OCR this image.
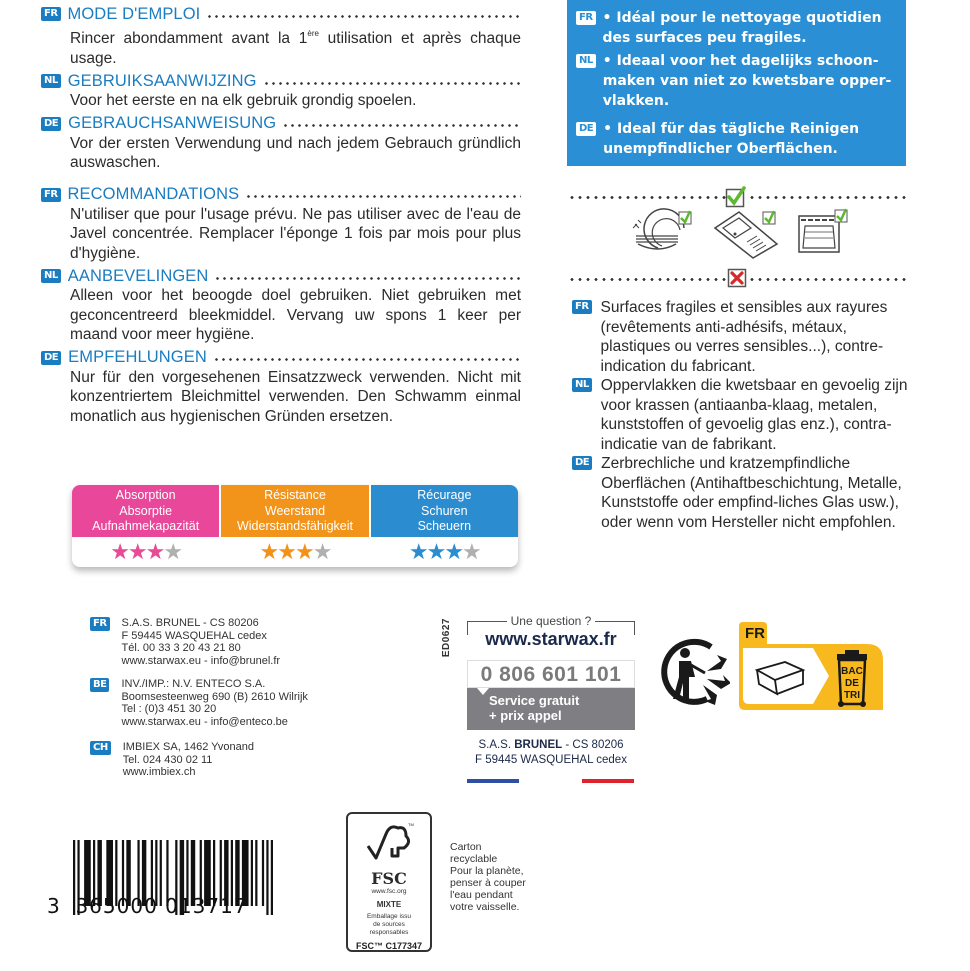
FR MODE D'EMPLOI
Rincer abondamment avant la 1ère utilisation et après chaque usage.
NL GEBRUIKSAANWIJZING
Voor het eerste en na elk gebruik grondig spoelen.
DE GEBRAUCHSANWEISUNG
Vor der ersten Verwendung und nach jedem Gebrauch gründlich auswaschen.
FR RECOMMANDATIONS
N'utiliser que pour l'usage prévu. Ne pas utiliser avec de l'eau de Javel concentrée. Remplacer l'éponge 1 fois par mois pour plus d'hygiène.
NL AANBEVELINGEN
Alleen voor het beoogde doel gebruiken. Niet gebruiken met geconcentreerd bleekmiddel. Vervang uw spons 1 keer per maand voor meer hygiëne.
DE EMPFEHLUNGEN
Nur für den vorgesehenen Einsatzzweck verwenden. Nicht mit konzentriertem Bleichmittel verwenden. Den Schwamm einmal monatlich aus hygienischen Gründen ersetzen.
Absorption
Absorptie
Aufnahmekapazität
★ ★ ★ ★
Résistance
Weerstand
Widerstandsfähigkeit
★ ★ ★ ★
Récurage
Schuren
Scheuern
★ ★ ★ ★
FR • Idéal pour le nettoyage quotidien des surfaces peu fragiles.
NL • Ideaal voor het dagelijks schoon-maken van niet zo kwetsbare opper-vlakken.
DE • Ideal für das tägliche Reinigen unempfindlicher Oberflächen.
FR Surfaces fragiles et sensibles aux rayures (revêtements anti-adhésifs, métaux, plastiques ou verres sensibles...), contre-indication du fabricant.
NL Oppervlakken die kwetsbaar en gevoelig zijn voor krassen (antiaanba-klaag, metalen, kunststoffen of gevoelig glas enz.), contra-indicatie van de fabrikant.
DE Zerbrechliche und kratzempfindliche Oberflächen (Antihaftbeschichtung, Metalle, Kunststoffe oder empfind-liches Glas usw.), oder wenn vom Hersteller nicht empfohlen.
FR S.A.S. BRUNEL - CS 80206
F 59445 WASQUEHAL cedex
Tél. 00 33 3 20 43 21 80
www.starwax.eu - info@brunel.fr
BE INV./IMP.: N.V. ENTECO S.A.
Boomsesteenweg 690 (B) 2610 Wilrijk
Tel : (0)3 451 30 20
www.starwax.eu - info@enteco.be
CH IMBIEX SA, 1462 Yvonand
Tel. 024 430 02 11
www.imbiex.ch
ED0627	Une question ?
www.starwax.fr
0 806 601 101
Service gratuit
+ prix appel
S.A.S. BRUNEL - CS 80206
F 59445 WASQUEHAL cedex
FR
BAC
DE
TRI
3 365000 013717
TM
FSC
www.fsc.org
MIXTE
Emballage issu
de sources
responsables
FSC™ C177347
Carton
recyclable
Pour la planète,
penser à couper
l'eau pendant
votre vaisselle.
